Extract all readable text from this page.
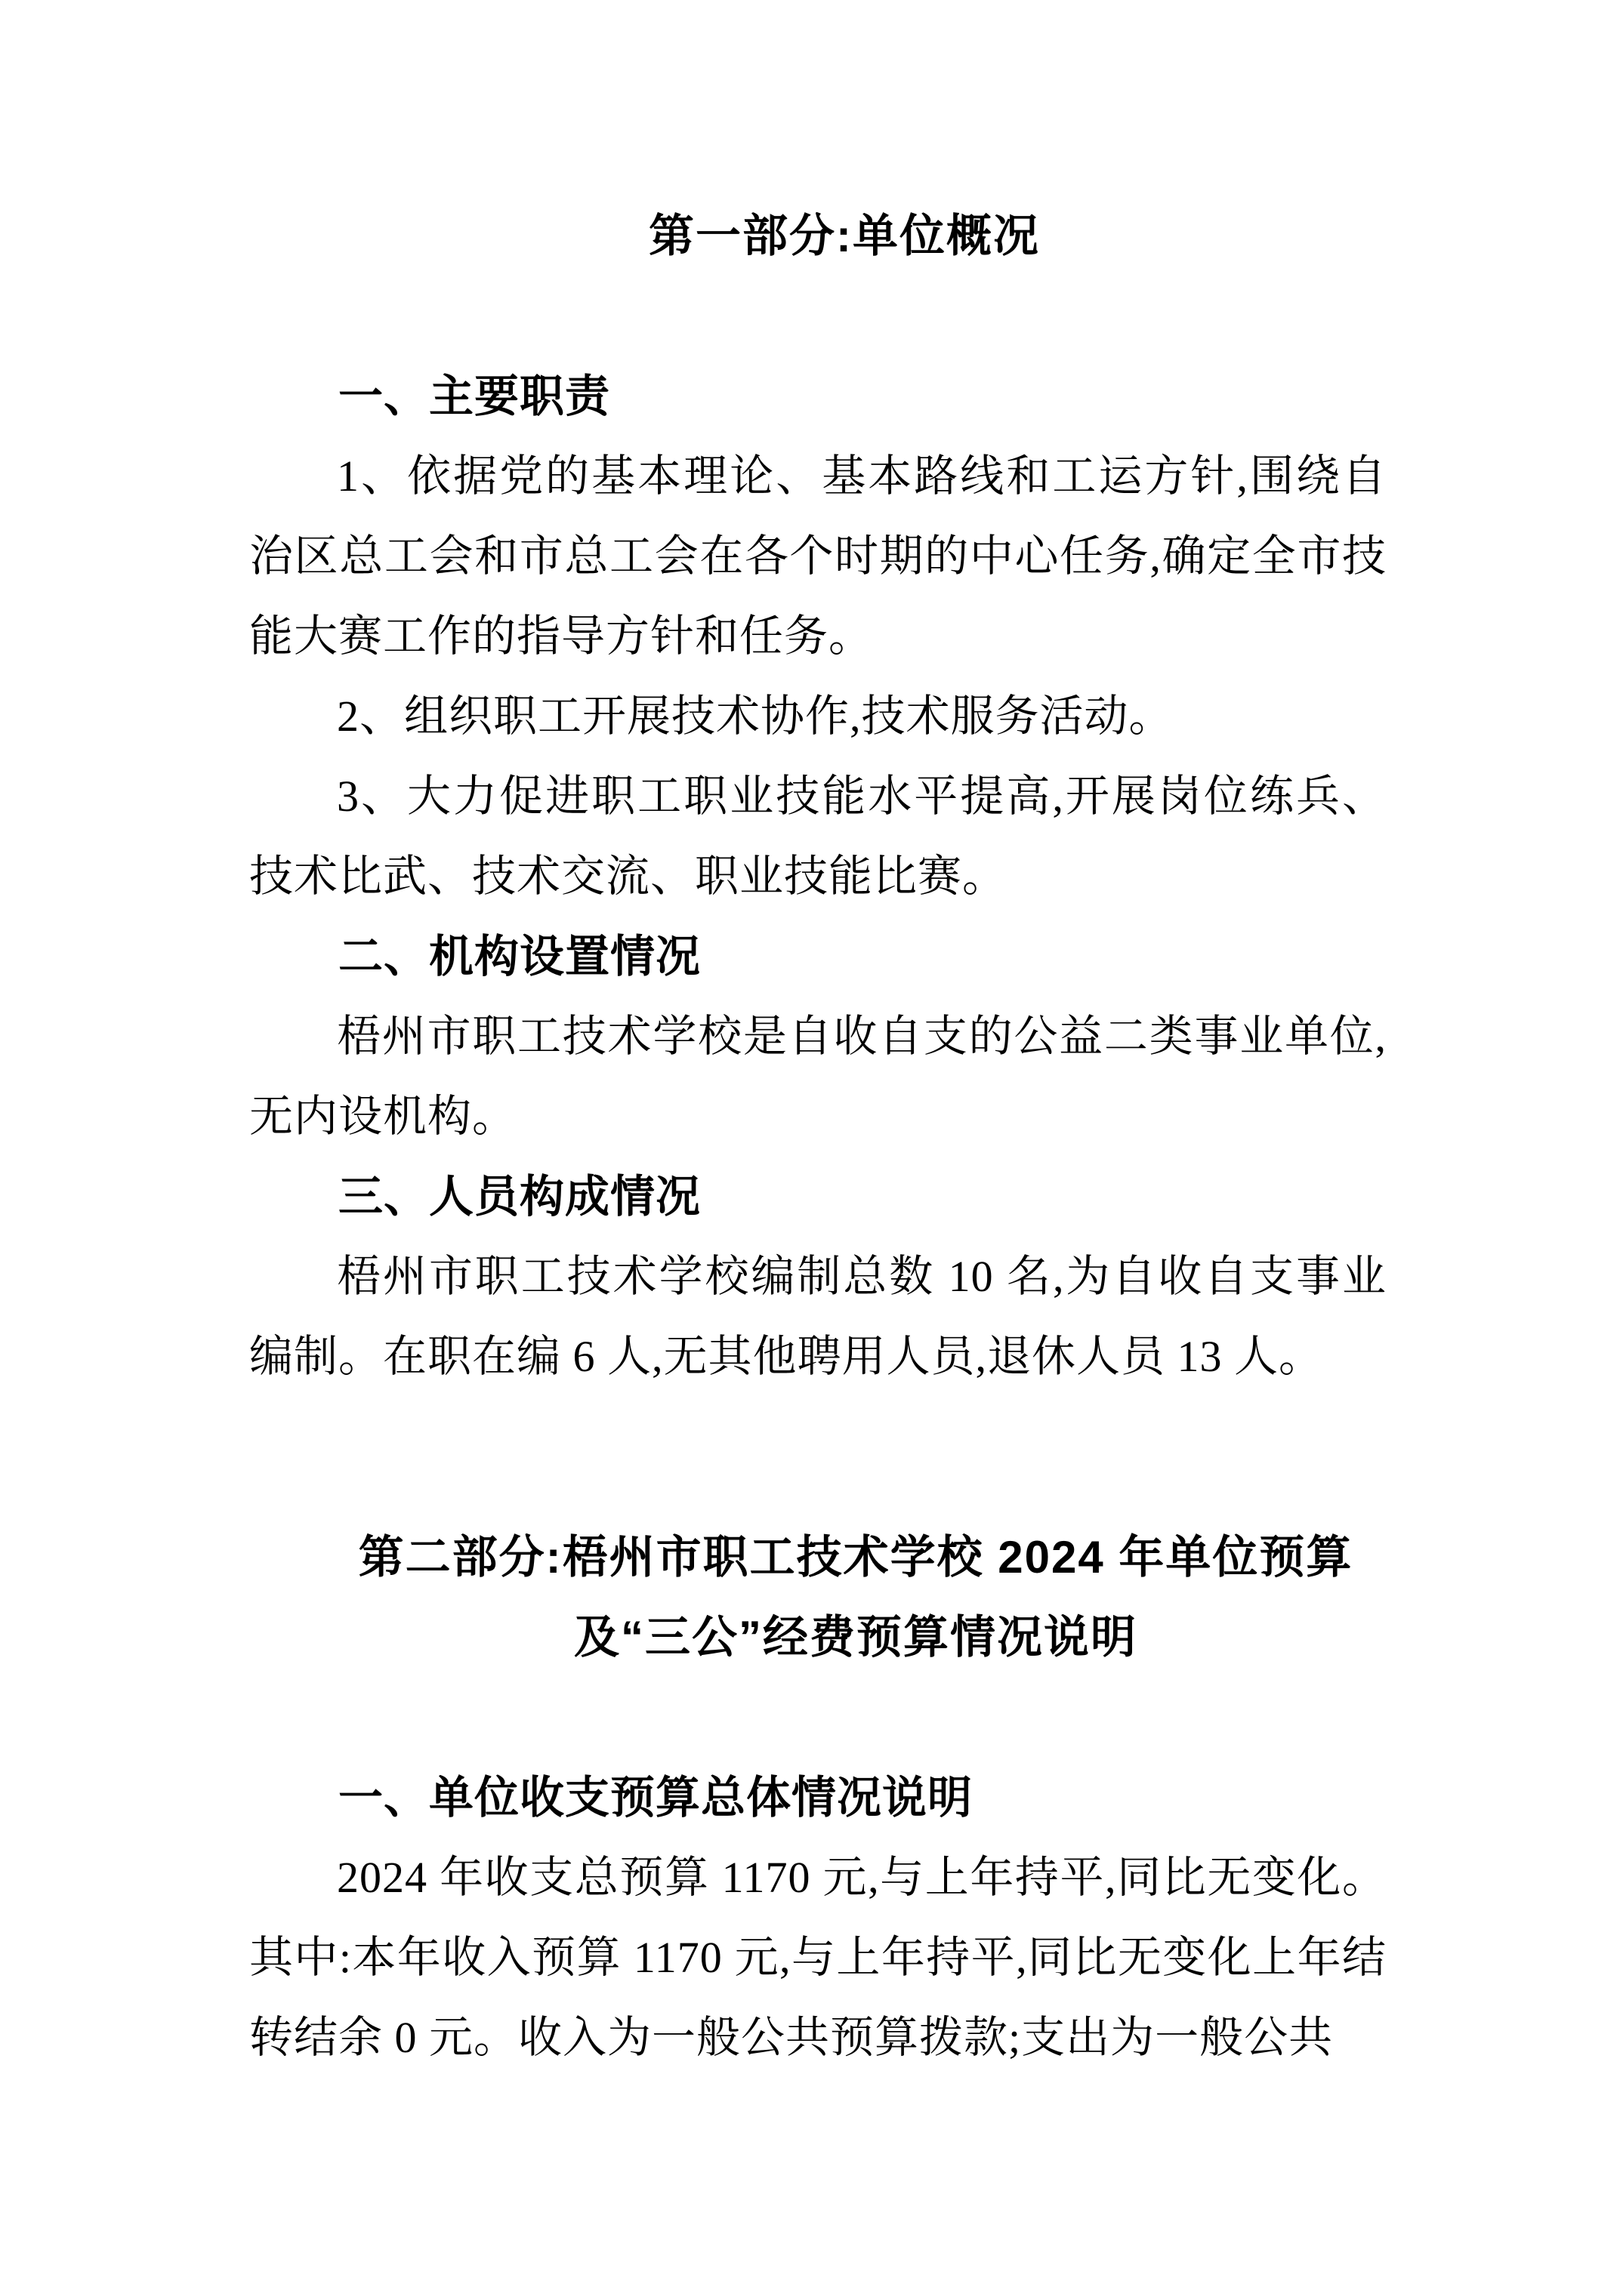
第一部分:单位概况
一、主要职责

1、依据党的基本理论、基本路线和工运方针,围绕自治区总工会和市总工会在各个时期的中心任务,确定全市技能大赛工作的指导方针和任务。

2、组织职工开展技术协作,技术服务活动。

3、大力促进职工职业技能水平提高,开展岗位练兵、技术比武、技术交流、职业技能比赛。

二、机构设置情况

梧州市职工技术学校是自收自支的公益二类事业单位,无内设机构。

三、人员构成情况

梧州市职工技术学校编制总数 10 名,为自收自支事业编制。在职在编 6 人,无其他聘用人员,退休人员 13 人。

第二部分:梧州市职工技术学校 2024 年单位预算
及“三公”经费预算情况说明
一、单位收支预算总体情况说明

2024 年收支总预算 1170 元,与上年持平,同比无变化。其中:本年收入预算 1170 元,与上年持平,同比无变化上年结转结余 0 元。收入为一般公共预算拨款;支出为一般公共
